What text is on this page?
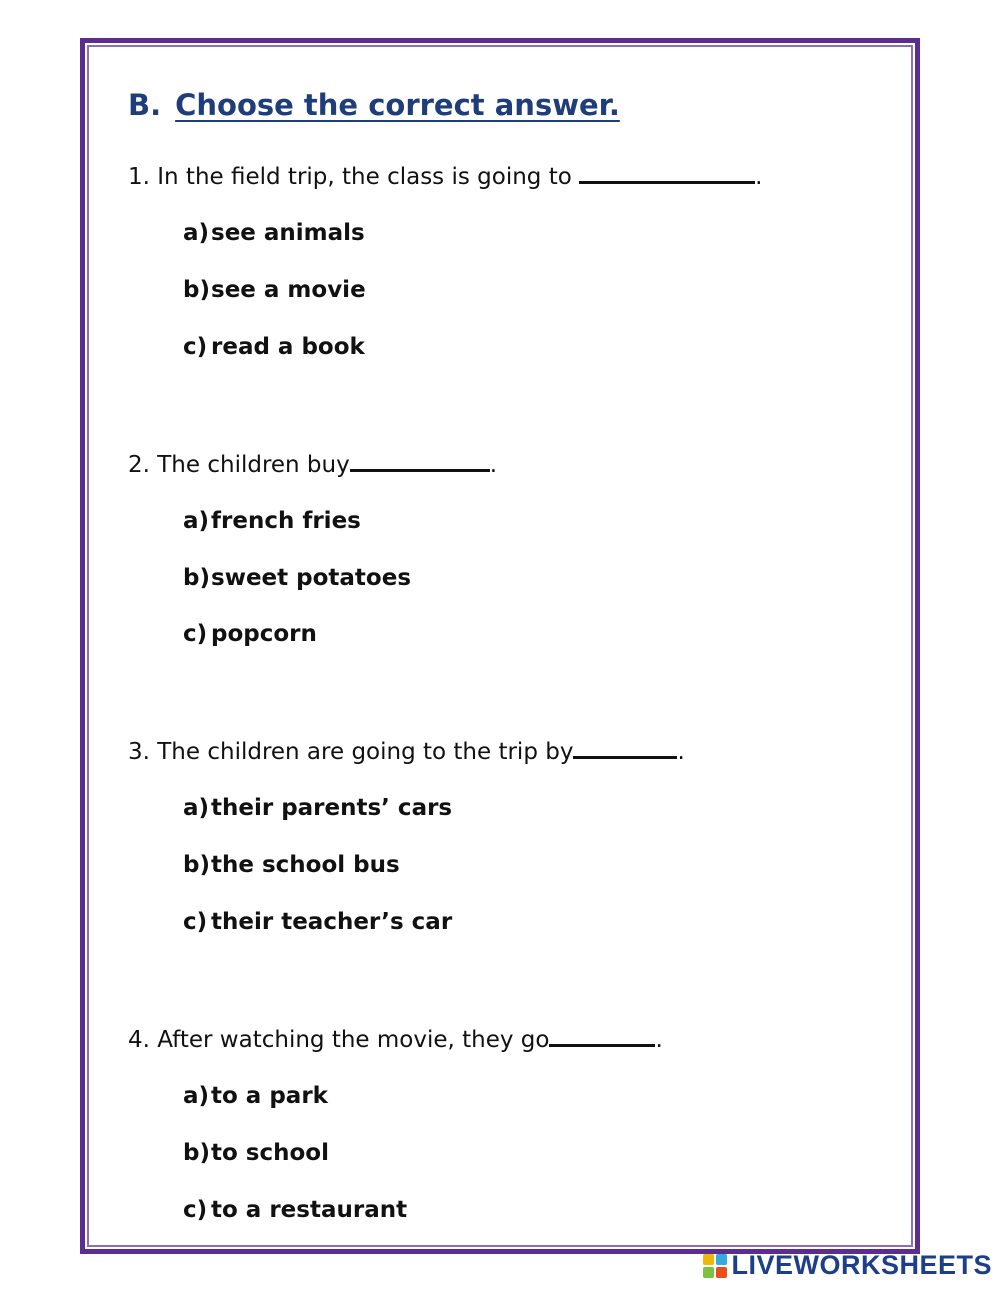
B. Choose the correct answer.
1. In the field trip, the class is going to	.
a)see animals
b)see a movie
c) read a book
2. The children buy	.
a)french fries
b)sweet potatoes
c) popcorn
3. The children are going to the trip by	.
a)their parents’ cars
b)the school bus
c) their teacher’s car
4. After watching the movie, they go	.
a)to a park
b)to school
c) to a restaurant
LIVEWORKSHEETS
